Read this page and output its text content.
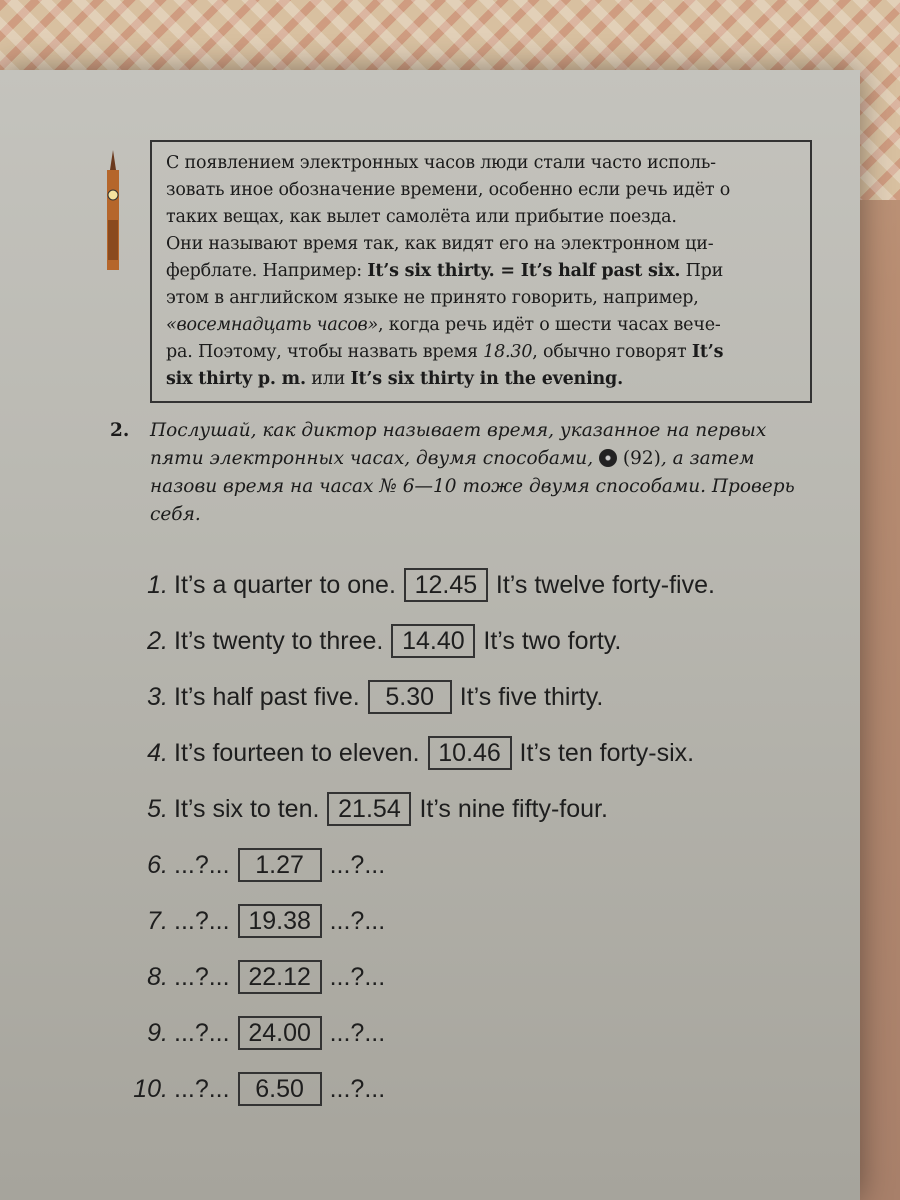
С появлением электронных часов люди стали часто исполь-

зовать иное обозначение времени, особенно если речь идёт о

таких вещах, как вылет самолёта или прибытие поезда.

Они называют время так, как видят его на электронном ци-

ферблате. Например: It’s six thirty. = It’s half past six. При

этом в английском языке не принято говорить, например,

«восемнадцать часов», когда речь идёт о шести часах вече-

ра. Поэтому, чтобы назвать время 18.30, обычно говорят It’s

six thirty p. m. или It’s six thirty in the evening.

2. Послушай, как диктор называет время, указанное на первых пяти электронных часах, двумя способами, (92), а затем назови время на часах № 6—10 тоже двумя способами. Проверь себя.
1. It’s a quarter to one. 12.45 It’s twelve forty-five.
2. It’s twenty to three. 14.40 It’s two forty.
3. It’s half past five.	5.30	It’s five thirty.
4. It’s fourteen to eleven. 10.46 It’s ten forty-six.
5. It’s six to ten. 21.54 It’s nine fifty-four.
6. ...?...	1.27	...?...
7. ...?... 19.38 ...?...
8. ...?... 22.12 ...?...
9. ...?... 24.00 ...?...
10. ...?...	6.50	...?...
